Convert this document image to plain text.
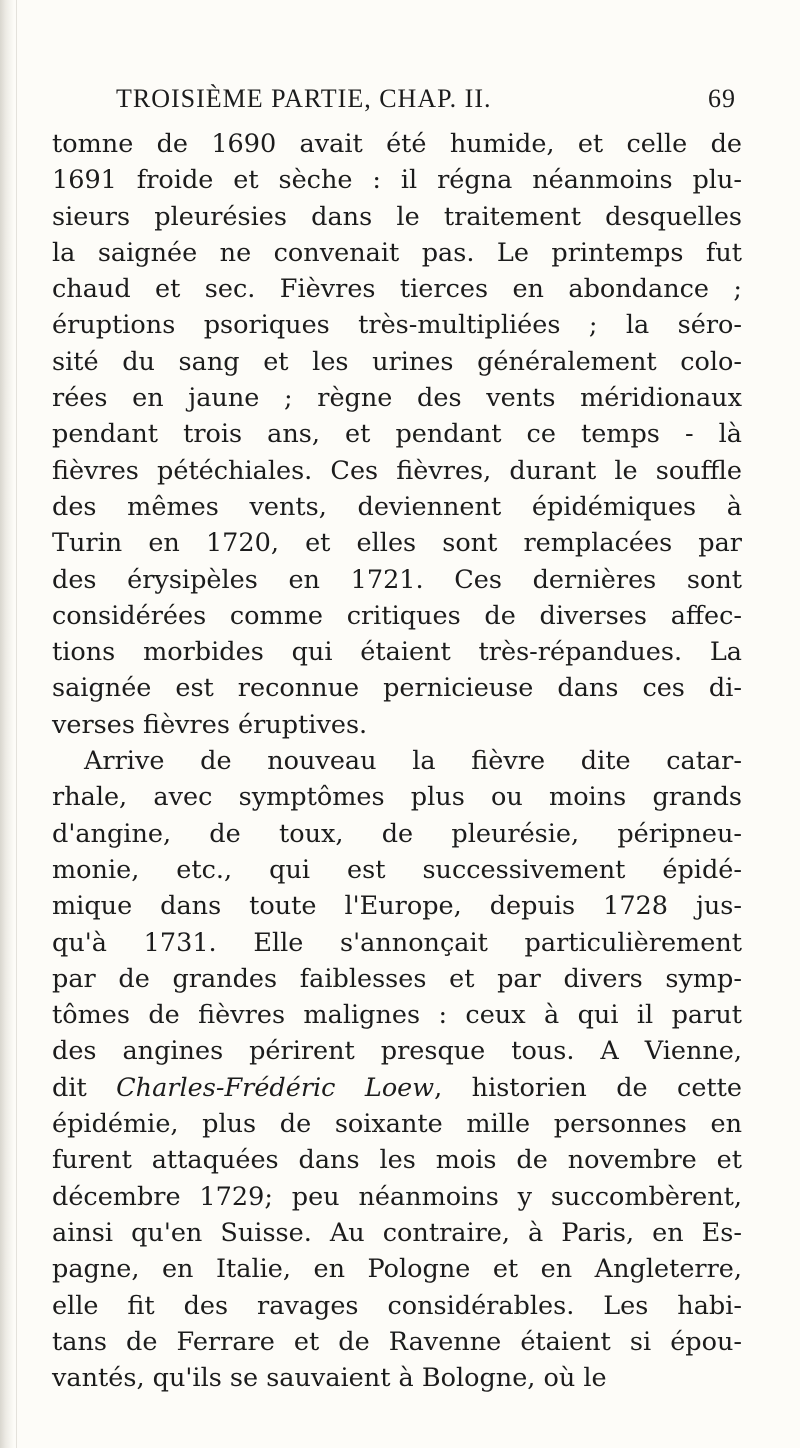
TROISIÈME PARTIE, CHAP. II.	69
tomne de 1690 avait été humide, et celle de
1691 froide et sèche : il régna néanmoins plu-
sieurs pleurésies dans le traitement desquelles
la saignée ne convenait pas. Le printemps fut
chaud et sec. Fièvres tierces en abondance ;
éruptions psoriques très-multipliées ; la séro-
sité du sang et les urines généralement colo-
rées en jaune ; règne des vents méridionaux
pendant trois ans, et pendant ce temps - là
fièvres pétéchiales. Ces fièvres, durant le souffle
des mêmes vents, deviennent épidémiques à
Turin en 1720, et elles sont remplacées par
des érysipèles en 1721. Ces dernières sont
considérées comme critiques de diverses affec-
tions morbides qui étaient très-répandues. La
saignée est reconnue pernicieuse dans ces di-
verses fièvres éruptives.
Arrive de nouveau la fièvre dite catar-
rhale, avec symptômes plus ou moins grands
d'angine, de toux, de pleurésie, péripneu-
monie, etc., qui est successivement épidé-
mique dans toute l'Europe, depuis 1728 jus-
qu'à 1731. Elle s'annonçait particulièrement
par de grandes faiblesses et par divers symp-
tômes de fièvres malignes : ceux à qui il parut
des angines périrent presque tous. A Vienne,
dit Charles-Frédéric Loew, historien de cette
épidémie, plus de soixante mille personnes en
furent attaquées dans les mois de novembre et
décembre 1729; peu néanmoins y succombèrent,
ainsi qu'en Suisse. Au contraire, à Paris, en Es-
pagne, en Italie, en Pologne et en Angleterre,
elle fit des ravages considérables. Les habi-
tans de Ferrare et de Ravenne étaient si épou-
vantés, qu'ils se sauvaient à Bologne, où le
